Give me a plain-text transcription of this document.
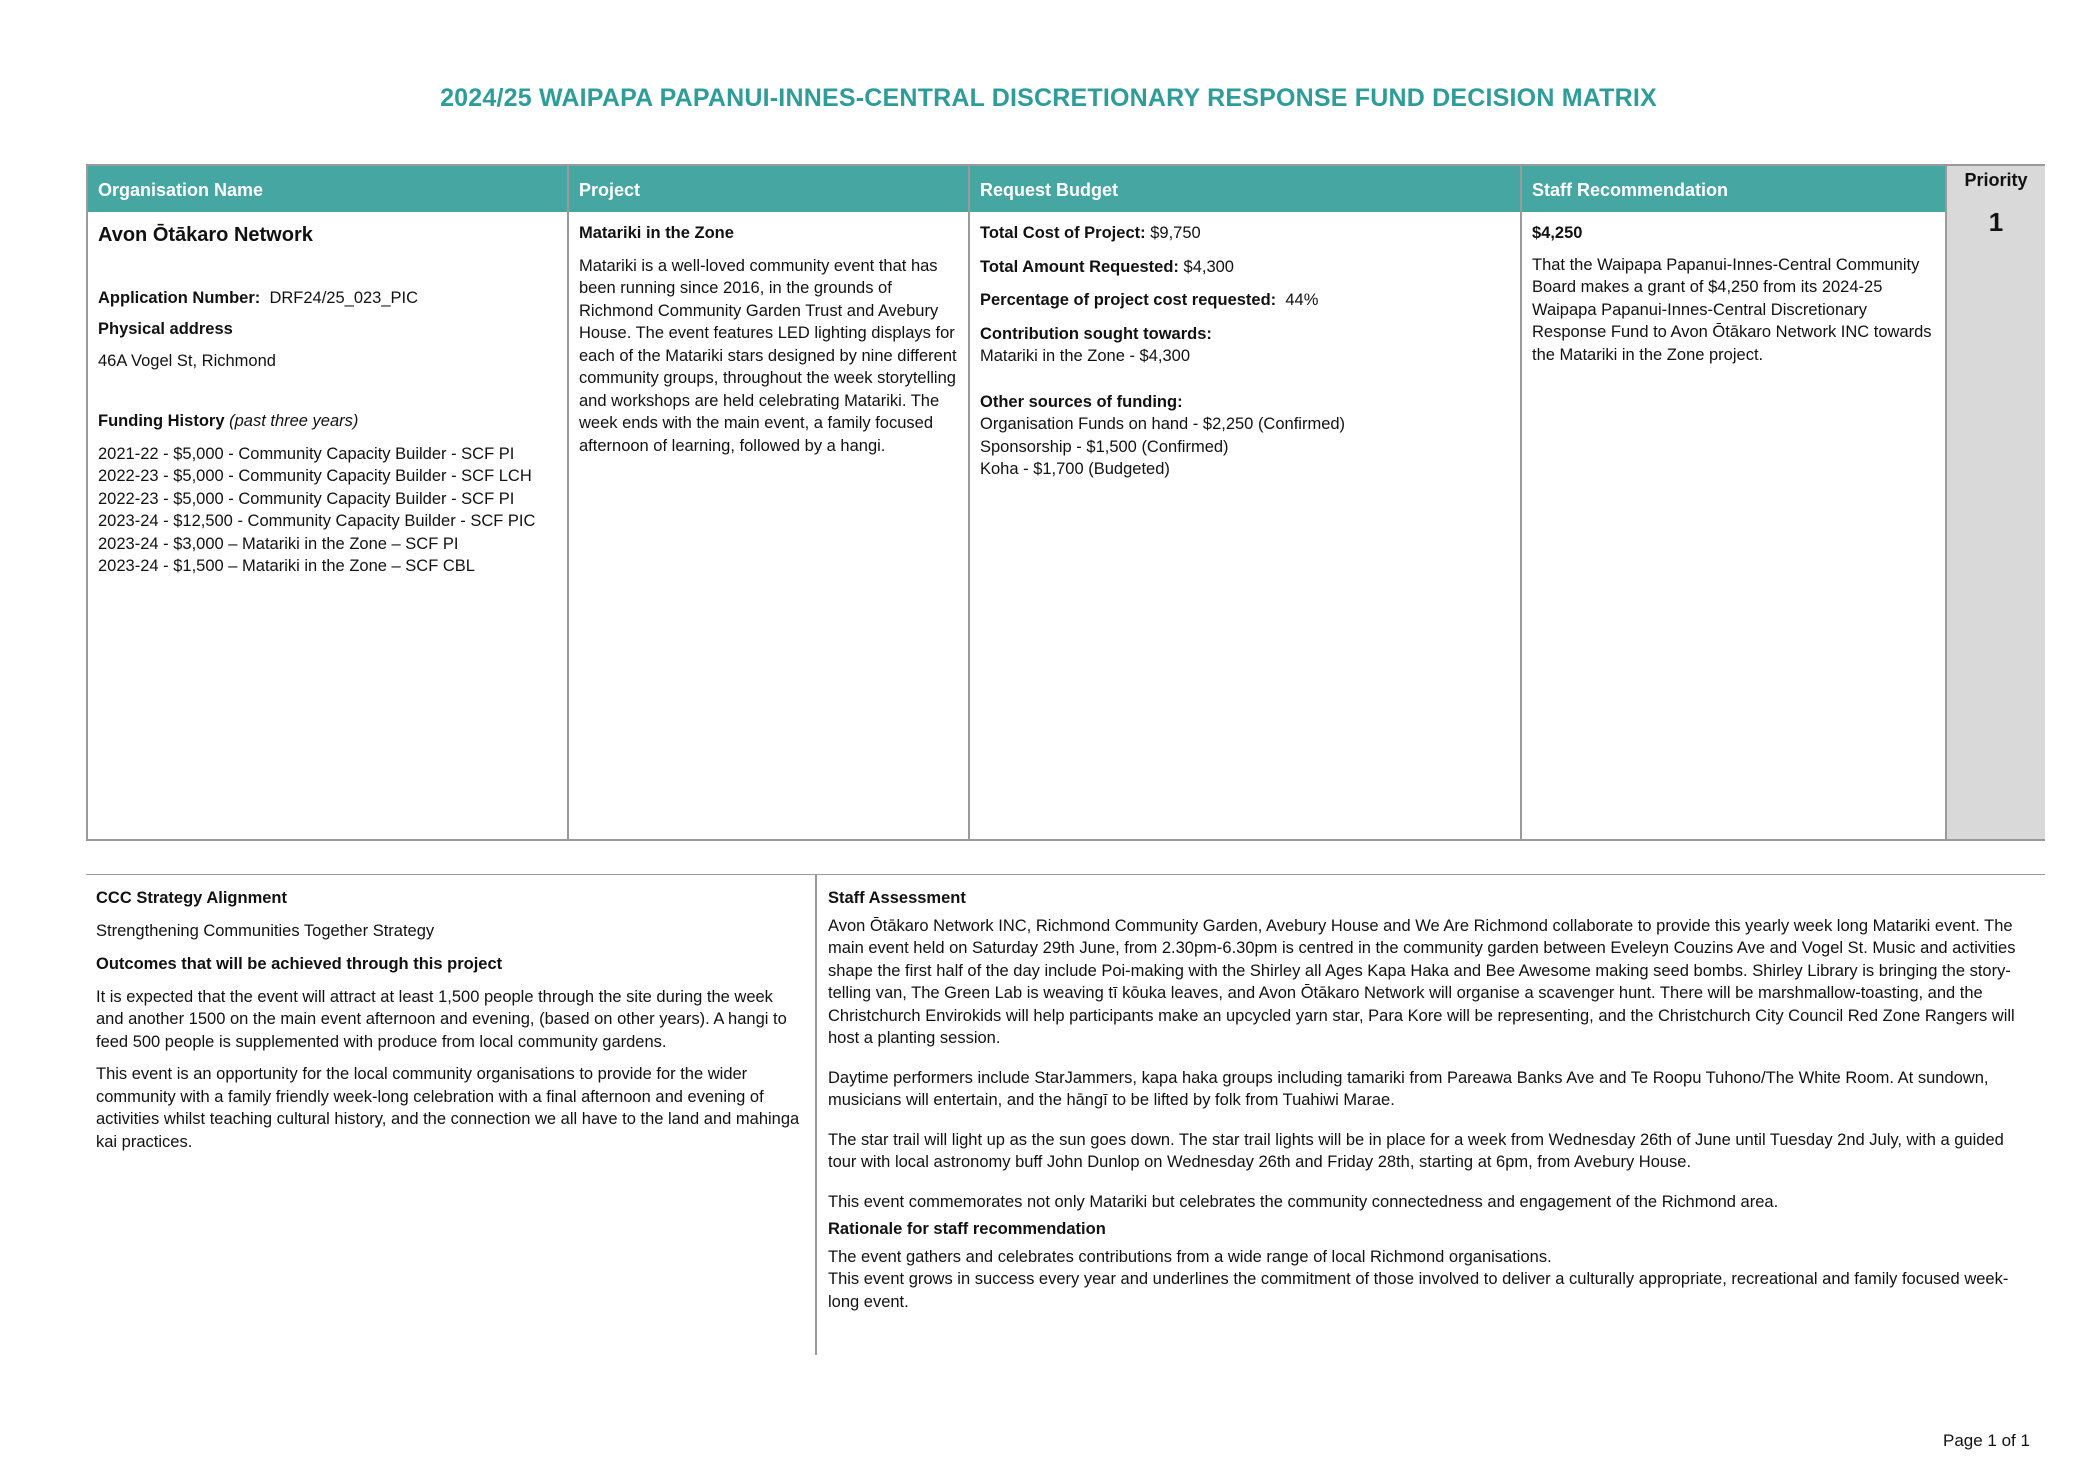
2024/25 WAIPAPA PAPANUI-INNES-CENTRAL DISCRETIONARY RESPONSE FUND DECISION MATRIX
Organisation Name
Avon Ōtākaro Network
Application Number: DRF24/25_023_PIC
Physical address
46A Vogel St, Richmond
Funding History (past three years)
2021-22 - $5,000 - Community Capacity Builder - SCF PI
2022-23 - $5,000 - Community Capacity Builder - SCF LCH
2022-23 - $5,000 - Community Capacity Builder - SCF PI
2023-24 - $12,500 - Community Capacity Builder - SCF PIC
2023-24 - $3,000 – Matariki in the Zone – SCF PI
2023-24 - $1,500 – Matariki in the Zone – SCF CBL
Project
Matariki in the Zone
Matariki is a well-loved community event that has been running since 2016, in the grounds of Richmond Community Garden Trust and Avebury House. The event features LED lighting displays for each of the Matariki stars designed by nine different community groups, throughout the week storytelling and workshops are held celebrating Matariki. The week ends with the main event, a family focused afternoon of learning, followed by a hangi.
Request Budget
Total Cost of Project: $9,750
Total Amount Requested: $4,300
Percentage of project cost requested: 44%
Contribution sought towards:
Matariki in the Zone - $4,300
Other sources of funding:
Organisation Funds on hand - $2,250 (Confirmed)
Sponsorship - $1,500 (Confirmed)
Koha - $1,700 (Budgeted)
Staff Recommendation
$4,250
That the Waipapa Papanui-Innes-Central Community Board makes a grant of $4,250 from its 2024-25 Waipapa Papanui-Innes-Central Discretionary Response Fund to Avon Ōtākaro Network INC towards the Matariki in the Zone project.
Priority
1
CCC Strategy Alignment
Strengthening Communities Together Strategy
Outcomes that will be achieved through this project
It is expected that the event will attract at least 1,500 people through the site during the week and another 1500 on the main event afternoon and evening, (based on other years). A hangi to feed 500 people is supplemented with produce from local community gardens.
This event is an opportunity for the local community organisations to provide for the wider community with a family friendly week-long celebration with a final afternoon and evening of activities whilst teaching cultural history, and the connection we all have to the land and mahinga kai practices.
Staff Assessment
Avon Ōtākaro Network INC, Richmond Community Garden, Avebury House and We Are Richmond collaborate to provide this yearly week long Matariki event. The main event held on Saturday 29th June, from 2.30pm-6.30pm is centred in the community garden between Eveleyn Couzins Ave and Vogel St. Music and activities shape the first half of the day include Poi-making with the Shirley all Ages Kapa Haka and Bee Awesome making seed bombs. Shirley Library is bringing the story-telling van, The Green Lab is weaving tī kōuka leaves, and Avon Ōtākaro Network will organise a scavenger hunt. There will be marshmallow-toasting, and the Christchurch Envirokids will help participants make an upcycled yarn star, Para Kore will be representing, and the Christchurch City Council Red Zone Rangers will host a planting session.
Daytime performers include StarJammers, kapa haka groups including tamariki from Pareawa Banks Ave and Te Roopu Tuhono/The White Room. At sundown, musicians will entertain, and the hāngī to be lifted by folk from Tuahiwi Marae.
The star trail will light up as the sun goes down. The star trail lights will be in place for a week from Wednesday 26th of June until Tuesday 2nd July, with a guided tour with local astronomy buff John Dunlop on Wednesday 26th and Friday 28th, starting at 6pm, from Avebury House.
This event commemorates not only Matariki but celebrates the community connectedness and engagement of the Richmond area.
Rationale for staff recommendation
The event gathers and celebrates contributions from a wide range of local Richmond organisations.
This event grows in success every year and underlines the commitment of those involved to deliver a culturally appropriate, recreational and family focused week-long event.
Page 1 of 1
